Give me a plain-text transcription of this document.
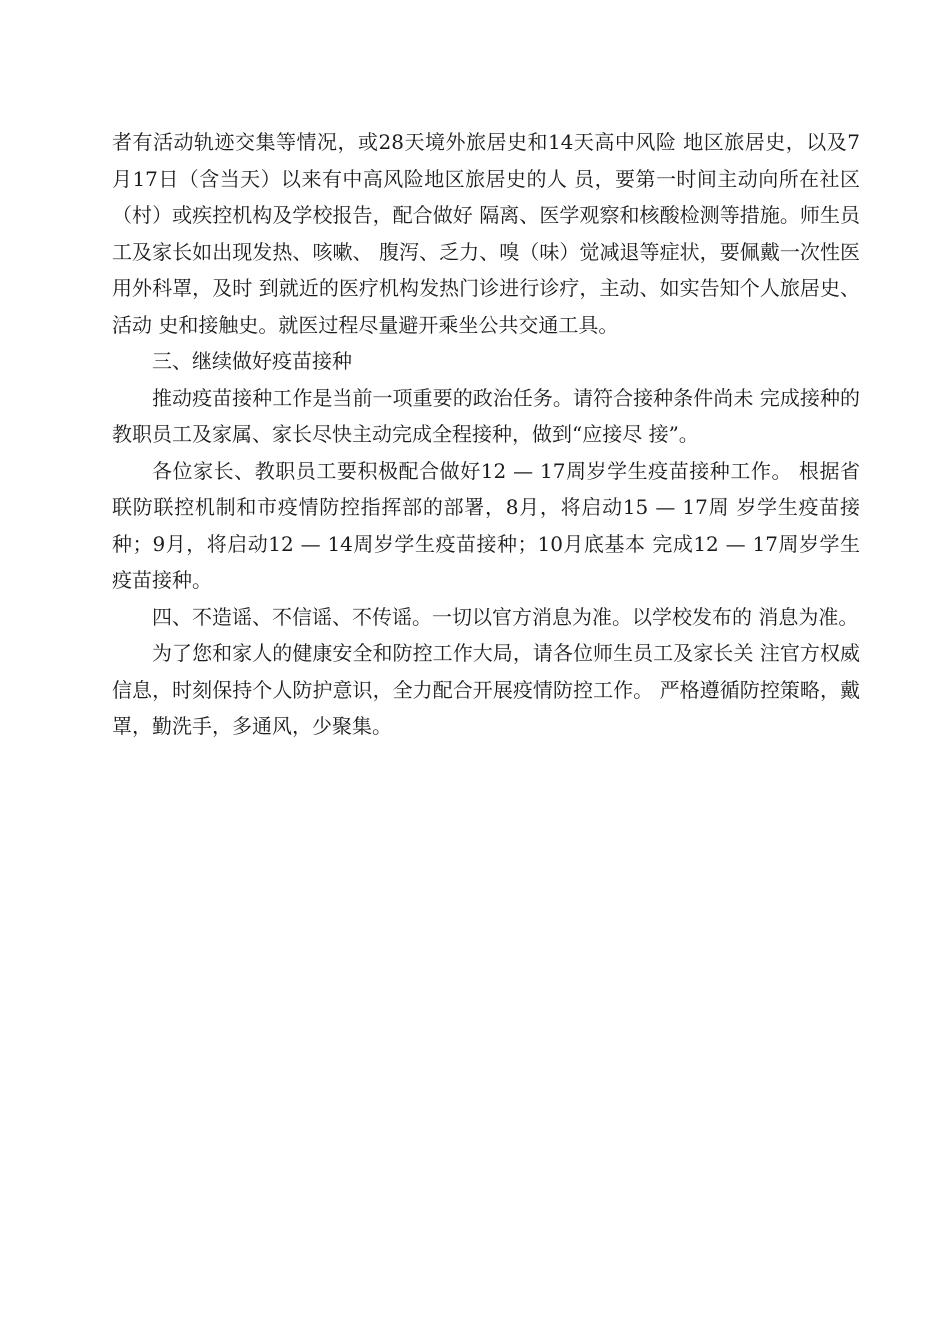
者有活动轨迹交集等情况，或28天境外旅居史和14天高中风险 地区旅居史，以及7月17日（含当天）以来有中高风险地区旅居史的人 员，要第一时间主动向所在社区（村）或疾控机构及学校报告，配合做好 隔离、医学观察和核酸检测等措施。师生员工及家长如出现发热、咳嗽、 腹泻、乏力、嗅（味）觉减退等症状，要佩戴一次性医用外科罩，及时 到就近的医疗机构发热门诊进行诊疗，主动、如实告知个人旅居史、活动 史和接触史。就医过程尽量避开乘坐公共交通工具。

三、继续做好疫苗接种

推动疫苗接种工作是当前一项重要的政治任务。请符合接种条件尚未 完成接种的教职员工及家属、家长尽快主动完成全程接种，做到“应接尽 接”。

各位家长、教职员工要积极配合做好12 — 17周岁学生疫苗接种工作。 根据省联防联控机制和市疫情防控指挥部的部署，8月，将启动15 — 17周 岁学生疫苗接种；9月，将启动12 — 14周岁学生疫苗接种；10月底基本 完成12 — 17周岁学生疫苗接种。

四、不造谣、不信谣、不传谣。一切以官方消息为准。以学校发布的 消息为准。

为了您和家人的健康安全和防控工作大局，请各位师生员工及家长关 注官方权威信息，时刻保持个人防护意识，全力配合开展疫情防控工作。 严格遵循防控策略，戴罩，勤洗手，多通风，少聚集。
